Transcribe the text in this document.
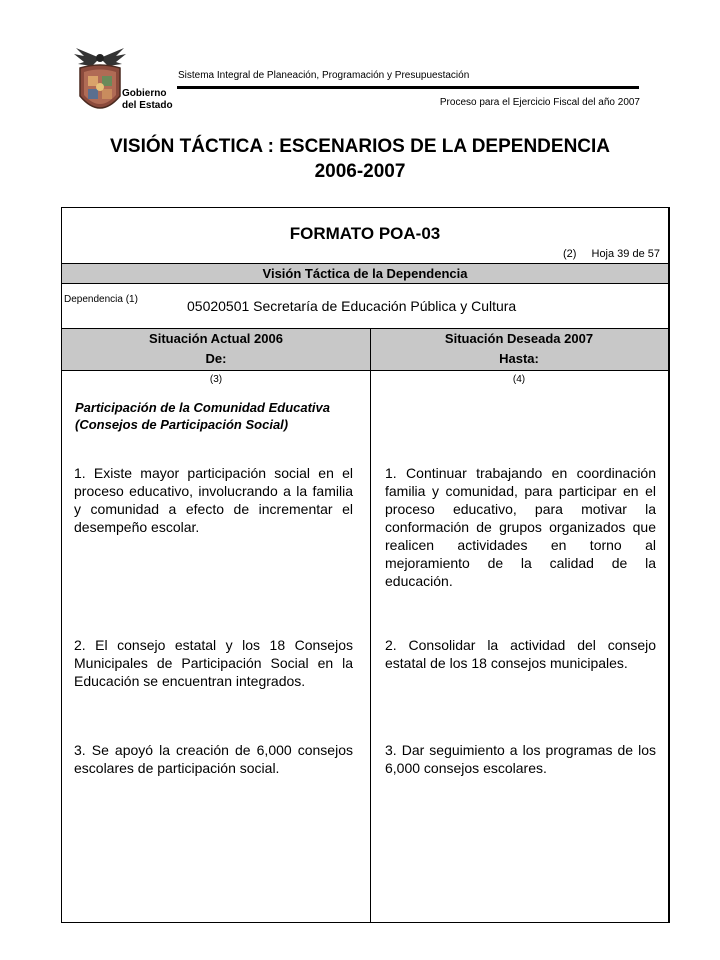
Gobierno
del Estado
Sistema Integral de Planeación, Programación y Presupuestación
Proceso para el Ejercicio Fiscal del año 2007
VISIÓN TÁCTICA : ESCENARIOS DE LA DEPENDENCIA
2006-2007
FORMATO POA-03
(2) Hoja 39 de 57
Visión Táctica de la Dependencia
Dependencia (1)	05020501 Secretaría de Educación Pública y Cultura
Situación Actual 2006
De:
Situación Deseada 2007
Hasta:
(3)	(4)
Participación de la Comunidad Educativa (Consejos de Participación Social)
1. Existe mayor participación social en el proceso educativo, involucrando a la familia y comunidad a efecto de incrementar el desempeño escolar.
2. El consejo estatal y los 18 Consejos Municipales de Participación Social en la Educación se encuentran integrados.
3. Se apoyó la creación de 6,000 consejos escolares de participación social.
1. Continuar trabajando en coordinación familia y comunidad, para participar en el proceso educativo, para motivar la conformación de grupos organizados que realicen actividades en torno al mejoramiento de la calidad de la educación.
2. Consolidar la actividad del consejo estatal de los 18 consejos municipales.
3. Dar seguimiento a los programas de los 6,000 consejos escolares.
